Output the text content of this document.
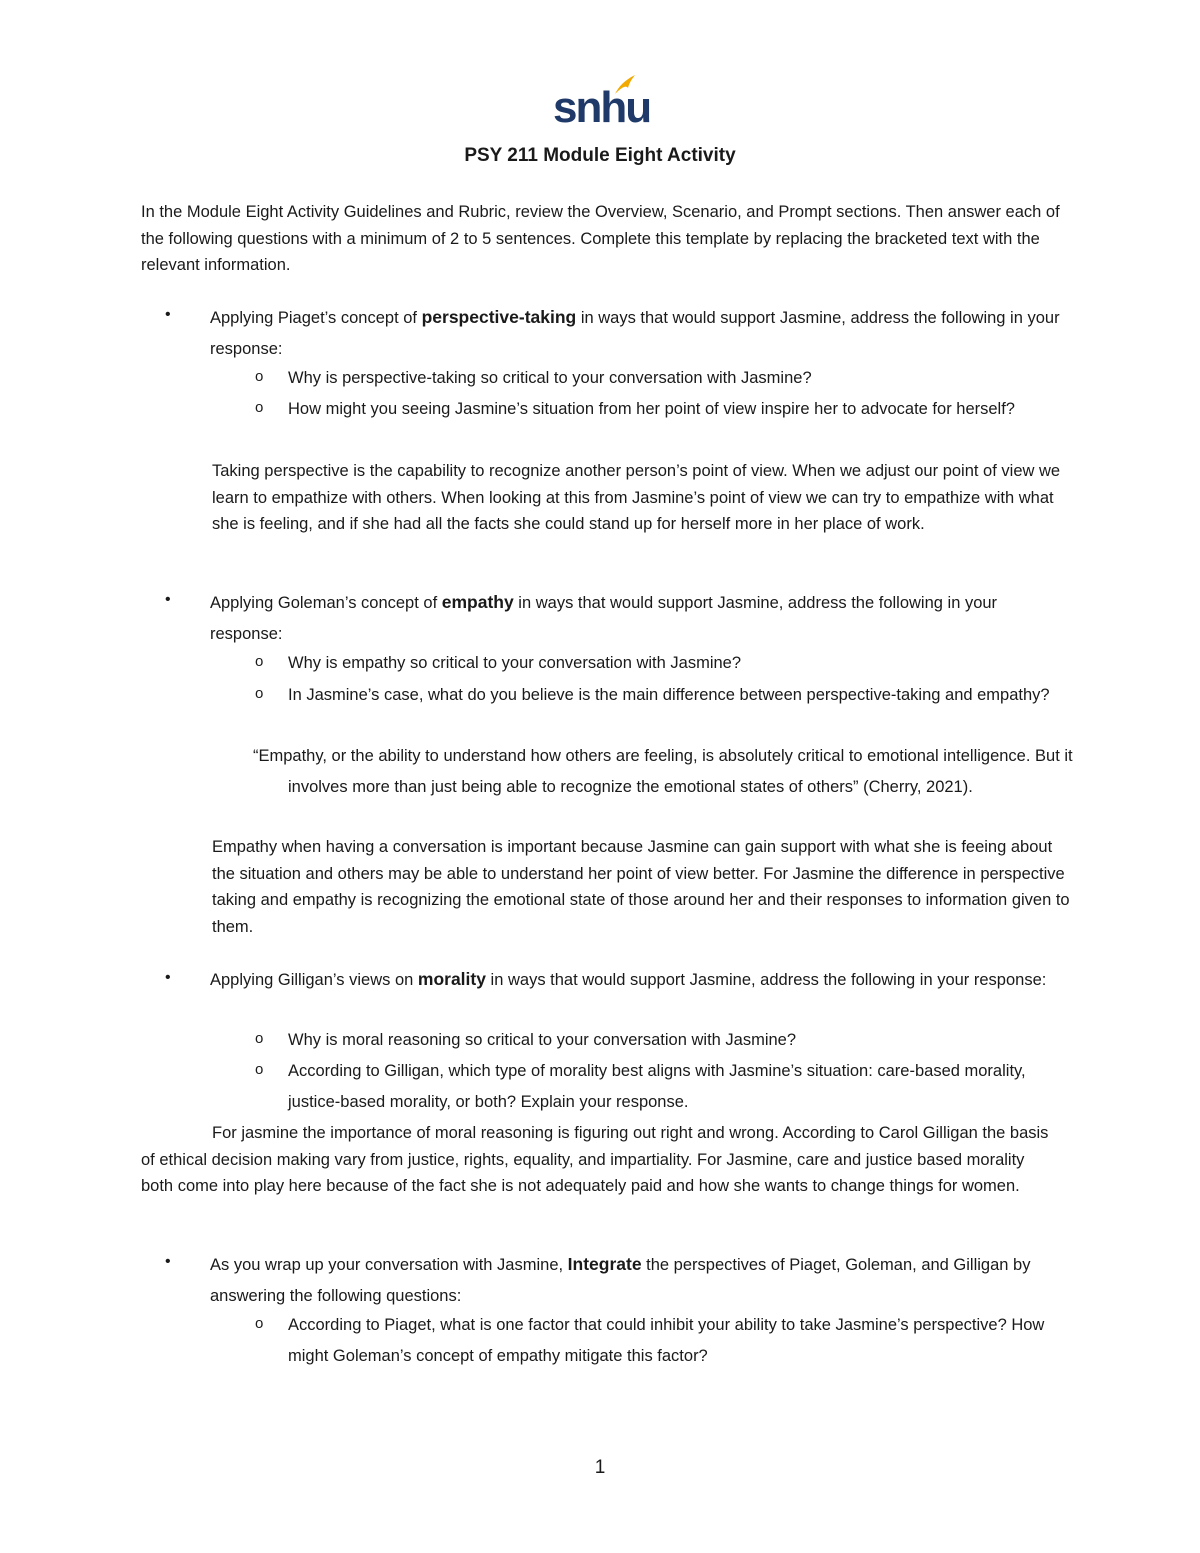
snhu
PSY 211 Module Eight Activity

In the Module Eight Activity Guidelines and Rubric, review the Overview, Scenario, and Prompt sections. Then answer each of the following questions with a minimum of 2 to 5 sentences. Complete this template by replacing the bracketed text with the relevant information.

• Applying Piaget’s concept of perspective-taking in ways that would support Jasmine, address the following in your response:

o Why is perspective-taking so critical to your conversation with Jasmine?

o How might you seeing Jasmine’s situation from her point of view inspire her to advocate for herself?

Taking perspective is the capability to recognize another person’s point of view. When we adjust our point of view we learn to empathize with others. When looking at this from Jasmine’s point of view we can try to empathize with what she is feeling, and if she had all the facts she could stand up for herself more in her place of work.

• Applying Goleman’s concept of empathy in ways that would support Jasmine, address the following in your response:

o Why is empathy so critical to your conversation with Jasmine?

o In Jasmine’s case, what do you believe is the main difference between perspective-taking and empathy?

“Empathy, or the ability to understand how others are feeling, is absolutely critical to emotional intelligence. But it involves more than just being able to recognize the emotional states of others” (Cherry, 2021).

Empathy when having a conversation is important because Jasmine can gain support with what she is feeing about the situation and others may be able to understand her point of view better. For Jasmine the difference in perspective taking and empathy is recognizing the emotional state of those around her and their responses to information given to them.

• Applying Gilligan’s views on morality in ways that would support Jasmine, address the following in your response:

o Why is moral reasoning so critical to your conversation with Jasmine?

o According to Gilligan, which type of morality best aligns with Jasmine’s situation: care-based morality, justice-based morality, or both? Explain your response.

For jasmine the importance of moral reasoning is figuring out right and wrong. According to Carol Gilligan the basis of ethical decision making vary from justice, rights, equality, and impartiality. For Jasmine, care and justice based morality both come into play here because of the fact she is not adequately paid and how she wants to change things for women.

• As you wrap up your conversation with Jasmine, Integrate the perspectives of Piaget, Goleman, and Gilligan by answering the following questions:

o According to Piaget, what is one factor that could inhibit your ability to take Jasmine’s perspective? How might Goleman’s concept of empathy mitigate this factor?

1
